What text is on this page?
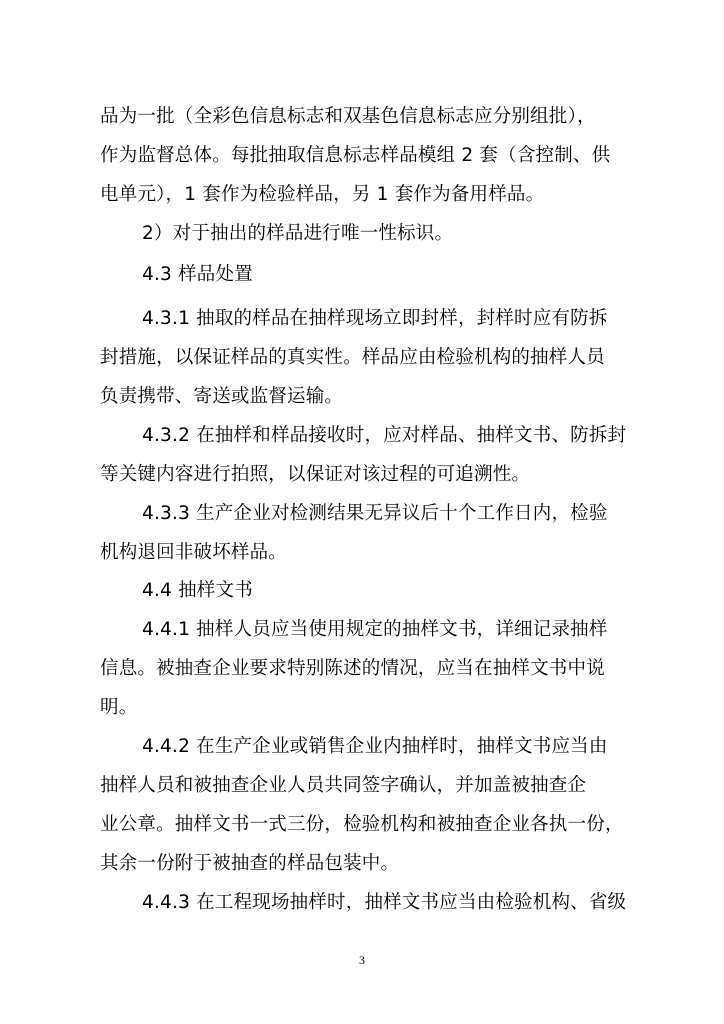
品为一批（全彩色信息标志和双基色信息标志应分别组批），
作为监督总体。每批抽取信息标志样品模组 2 套（含控制、供
电单元），1 套作为检验样品，另 1 套作为备用样品。
2）对于抽出的样品进行唯一性标识。
4.3 样品处置
4.3.1 抽取的样品在抽样现场立即封样，封样时应有防拆
封措施，以保证样品的真实性。样品应由检验机构的抽样人员
负责携带、寄送或监督运输。
4.3.2 在抽样和样品接收时，应对样品、抽样文书、防拆封
等关键内容进行拍照，以保证对该过程的可追溯性。
4.3.3 生产企业对检测结果无异议后十个工作日内，检验
机构退回非破坏样品。
4.4 抽样文书
4.4.1 抽样人员应当使用规定的抽样文书，详细记录抽样
信息。被抽查企业要求特别陈述的情况，应当在抽样文书中说
明。
4.4.2 在生产企业或销售企业内抽样时，抽样文书应当由
抽样人员和被抽查企业人员共同签字确认，并加盖被抽查企
业公章。抽样文书一式三份，检验机构和被抽查企业各执一份，
其余一份附于被抽查的样品包装中。
4.4.3 在工程现场抽样时，抽样文书应当由检验机构、省级
3
